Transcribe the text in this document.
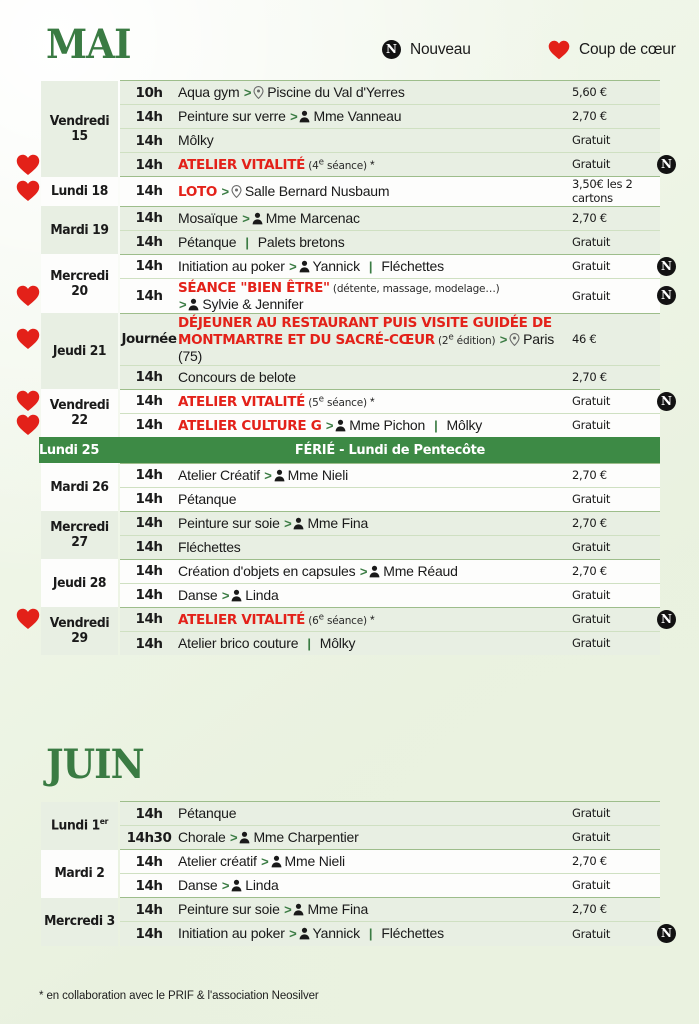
MAI	N Nouveau	Coup de cœur
Vendredi 15	10h	Aqua gym > Piscine du Val d'Yerres	5,60 €
	14h	Peinture sur verre > Mme Vanneau	2,70 €
	14h	Môlky	Gratuit
	14h	ATELIER VITALITÉ (4e séance) *	Gratuit
Lundi 18	14h	LOTO > Salle Bernard Nusbaum	3,50€ les 2 cartons
Mardi 19	14h	Mosaïque > Mme Marcenac	2,70 €
	14h	Pétanque | Palets bretons	Gratuit
Mercredi 20	14h	Initiation au poker > Yannick | Fléchettes	Gratuit
	14h	SÉANCE "BIEN ÊTRE" (détente, massage, modelage…)
> Sylvie & Jennifer	Gratuit
Jeudi 21	Journée	DÉJEUNER AU RESTAURANT PUIS VISITE GUIDÉE DE MONTMARTRE ET DU SACRÉ-CŒUR (2e édition) > Paris (75)	46 €
	14h	Concours de belote	2,70 €
Vendredi 22	14h	ATELIER VITALITÉ (5e séance) *	Gratuit
	14h	ATELIER CULTURE G > Mme Pichon | Môlky	Gratuit
Lundi 25	FÉRIÉ - Lundi de Pentecôte		
Mardi 26	14h	Atelier Créatif > Mme Nieli	2,70 €
	14h	Pétanque	Gratuit
Mercredi 27	14h	Peinture sur soie > Mme Fina	2,70 €
	14h	Fléchettes	Gratuit
Jeudi 28	14h	Création d'objets en capsules > Mme Réaud	2,70 €
	14h	Danse > Linda	Gratuit
Vendredi 29	14h	ATELIER VITALITÉ (6e séance) *	Gratuit
	14h	Atelier brico couture | Môlky	Gratuit
JUIN
Lundi 1er	14h	Pétanque	Gratuit
	14h30	Chorale > Mme Charpentier	Gratuit
Mardi 2	14h	Atelier créatif > Mme Nieli	2,70 €
	14h	Danse > Linda	Gratuit
Mercredi 3	14h	Peinture sur soie > Mme Fina	2,70 €
	14h	Initiation au poker > Yannick | Fléchettes	Gratuit
* en collaboration avec le PRIF & l'association Neosilver
N
N
N
N
N
N
